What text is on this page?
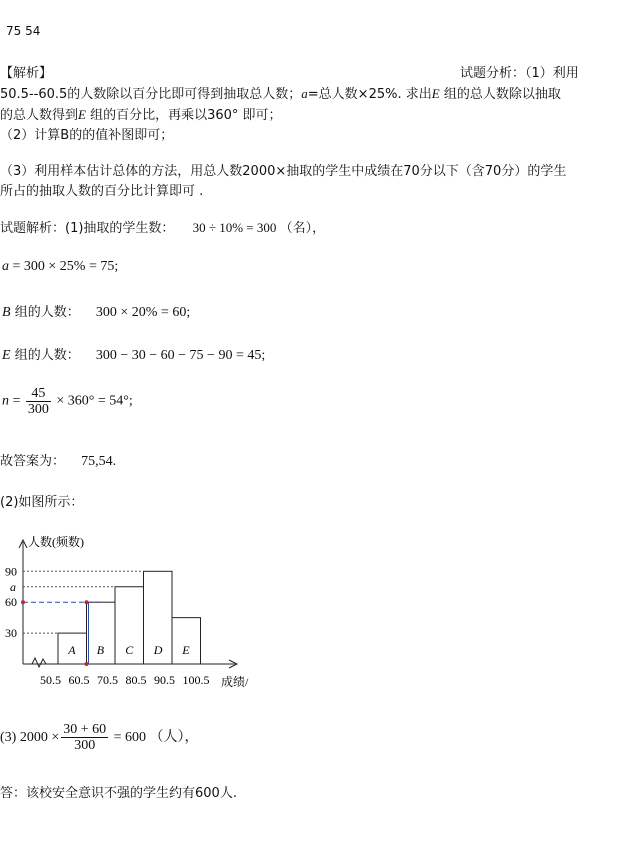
75 54
【解析】	试题分析：（1）利用
50.5--60.5的人数除以百分比即可得到抽取总人数；a=总人数×25%. 求出E 组的总人数除以抽取
的总人数得到E 组的百分比，再乘以360° 即可；
（2）计算B的的值补图即可；
（3）利用样本估计总体的方法，用总人数2000×抽取的学生中成绩在70分以下（含70分）的学生
所占的抽取人数的百分比计算即可 .
试题解析：(1)抽取的学生数： 30 ÷ 10% = 300 （名），
a = 300 × 25% = 75;
B 组的人数： 300 × 20% = 60;
E 组的人数： 300 − 30 − 60 − 75 − 90 = 45;
$n = \frac{45}{300} \times 360^\circ = 54^\circ$;
故答案为： 75,54.
(2)如图所示：
人数(频数)
成绩/
A B C D E
90
a
60
30
50.5 60.5 70.5 80.5 90.5 100.5
(3) $2000 \times \frac{30 + 60}{300} = 600$ （人），
答：该校安全意识不强的学生约有600人.
